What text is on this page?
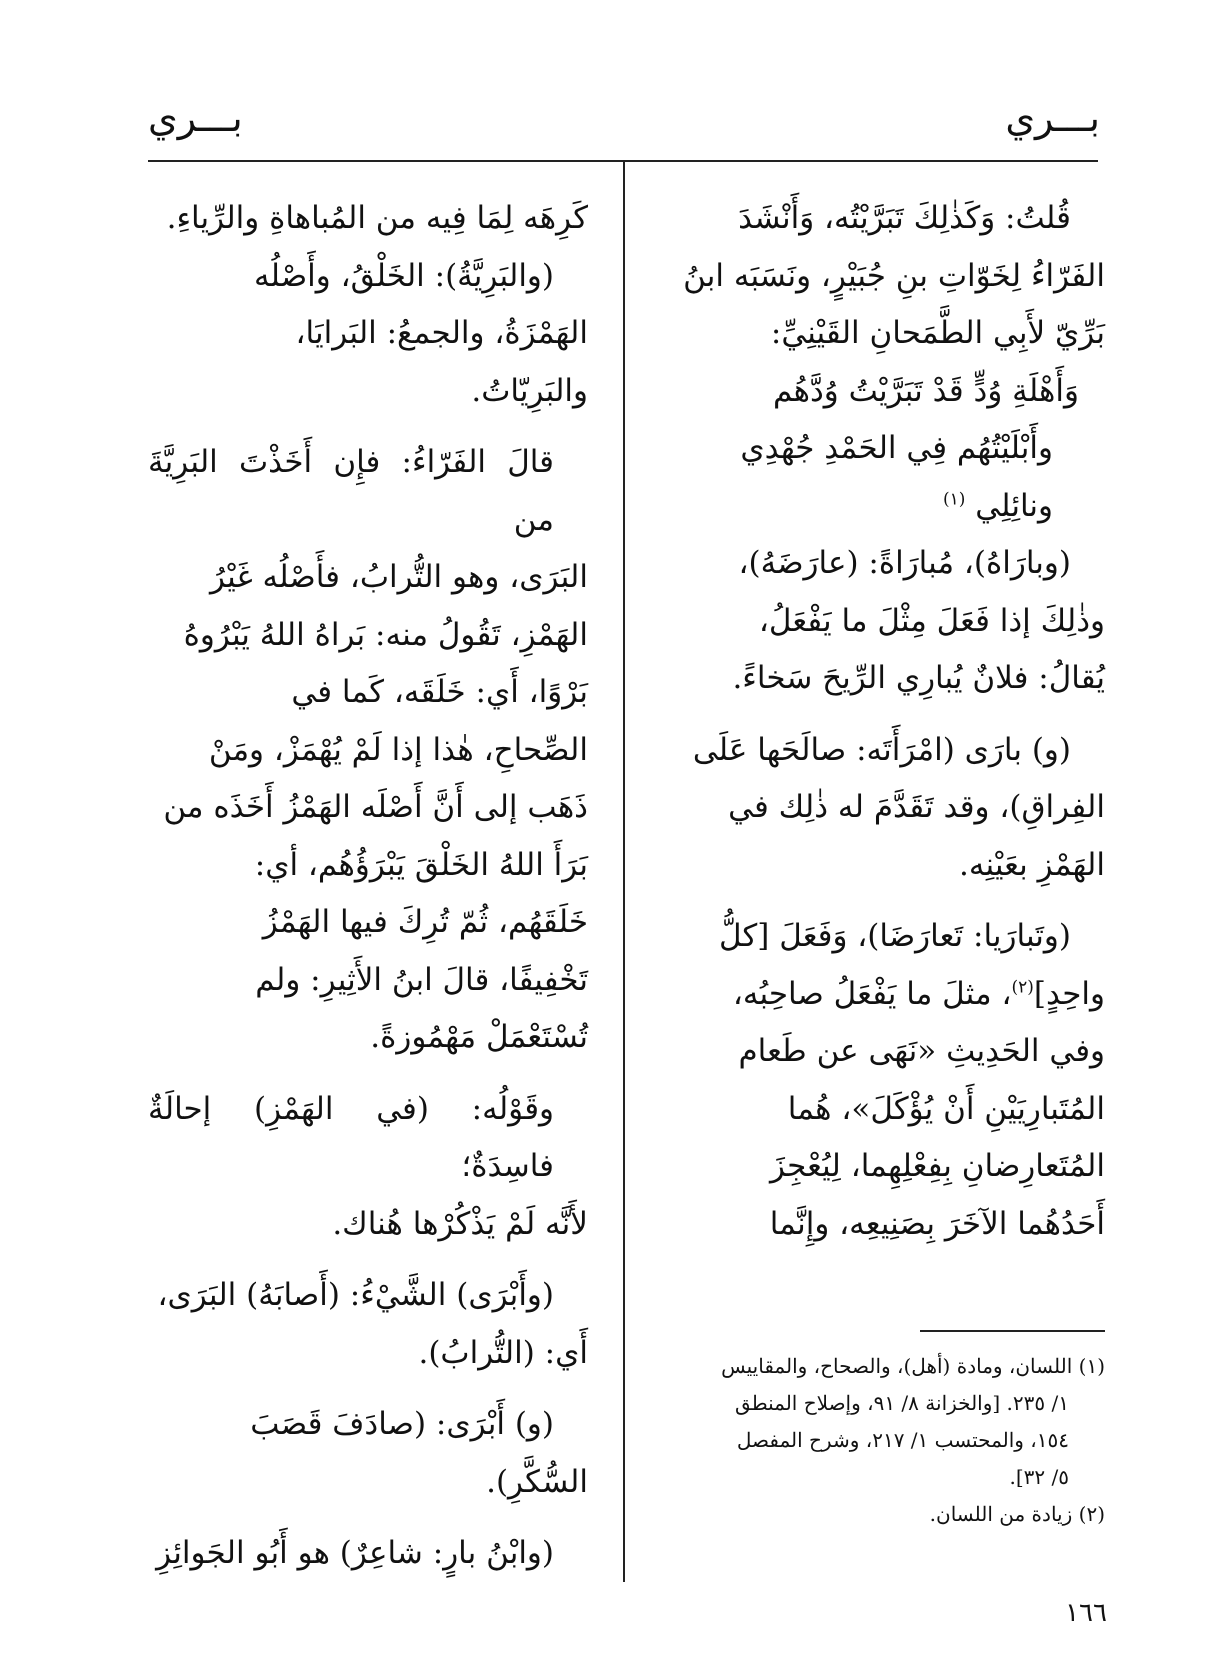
بـــري
بـــري

قُلتُ: وَكَذٰلِكَ تَبَرَّيْتُه، وَأَنْشَدَ

الفَرّاءُ لِخَوّاتِ بنِ جُبَيْرٍ، ونَسَبَه ابنُ

بَرِّيّ لأَبِي الطَّمَحانِ القَيْنِيِّ:

وَأَهْلَةِ وُدٍّ قَدْ تَبَرَّيْتُ وُدَّهُم

وأَبْلَيْتُهُم فِي الحَمْدِ جُهْدِي ونائِلِي $^{(١)}$

(وبارَاهُ)، مُبارَاةً: (عارَضَهُ)،

وذٰلِكَ إذا فَعَلَ مِثْلَ ما يَفْعَلُ،

يُقالُ: فلانٌ يُبارِي الرِّيحَ سَخاءً.

(و) بارَى (امْرَأَتَه: صالَحَها عَلَى

الفِراقِ)، وقد تَقَدَّمَ له ذٰلِك في

الهَمْزِ بعَيْنِه.

(وتَبارَيا: تَعارَضَا)، وَفَعَلَ [كلُّ

واحِدٍ]$^{(٢)}$، مثلَ ما يَفْعَلُ صاحِبُه،

وفي الحَدِيثِ «نَهَى عن طَعام

المُتَبارِيَيْنِ أَنْ يُؤْكَلَ»، هُما

المُتَعارِضانِ بِفِعْلِهِما، لِيُعْجِزَ

أَحَدُهُما الآخَرَ بِصَنِيعِه، وإِنَّما

كَرِهَه لِمَا فِيه من المُباهاةِ والرِّياءِ.

(والبَرِيَّةُ): الخَلْقُ، وأَصْلُه

الهَمْزَةُ، والجمعُ: البَرايَا،

والبَرِيّاتُ.

قالَ الفَرّاءُ: فإِن أَخَذْتَ البَرِيَّةَ من

البَرَى، وهو التُّرابُ، فأَصْلُه غَيْرُ

الهَمْزِ، تَقُولُ منه: بَراهُ اللهُ يَبْرُوهُ

بَرْوًا، أَي: خَلَقَه، كَما في

الصِّحاحِ، هٰذا إذا لَمْ يُهْمَزْ، ومَنْ

ذَهَب إلى أَنَّ أَصْلَه الهَمْزُ أَخَذَه من

بَرَأَ اللهُ الخَلْقَ يَبْرَؤُهُم، أي:

خَلَقَهُم، ثُمّ تُرِكَ فيها الهَمْزُ

تَخْفِيفًا، قالَ ابنُ الأَثِيرِ: ولم

تُسْتَعْمَلْ مَهْمُوزةً.

وقَوْلُه: (في الهَمْزِ) إحالَةٌ فاسِدَةٌ؛

لأَنَّه لَمْ يَذْكُرْها هُناك.

(وأَبْرَى) الشَّيْءُ: (أَصابَهُ) البَرَى،

أَي: (التُّرابُ).

(و) أَبْرَى: (صادَفَ قَصَبَ

السُّكَّرِ).

(وابْنُ بارٍ: شاعِرٌ) هو أَبُو الجَوائِزِ

(١) اللسان، ومادة (أهل)، والصحاح، والمقاييس

١/ ٢٣٥. [والخزانة ٨/ ٩١، وإصلاح المنطق

١٥٤، والمحتسب ١/ ٢١٧، وشرح المفصل

٥/ ٣٢].

(٢) زيادة من اللسان.

١٦٦
